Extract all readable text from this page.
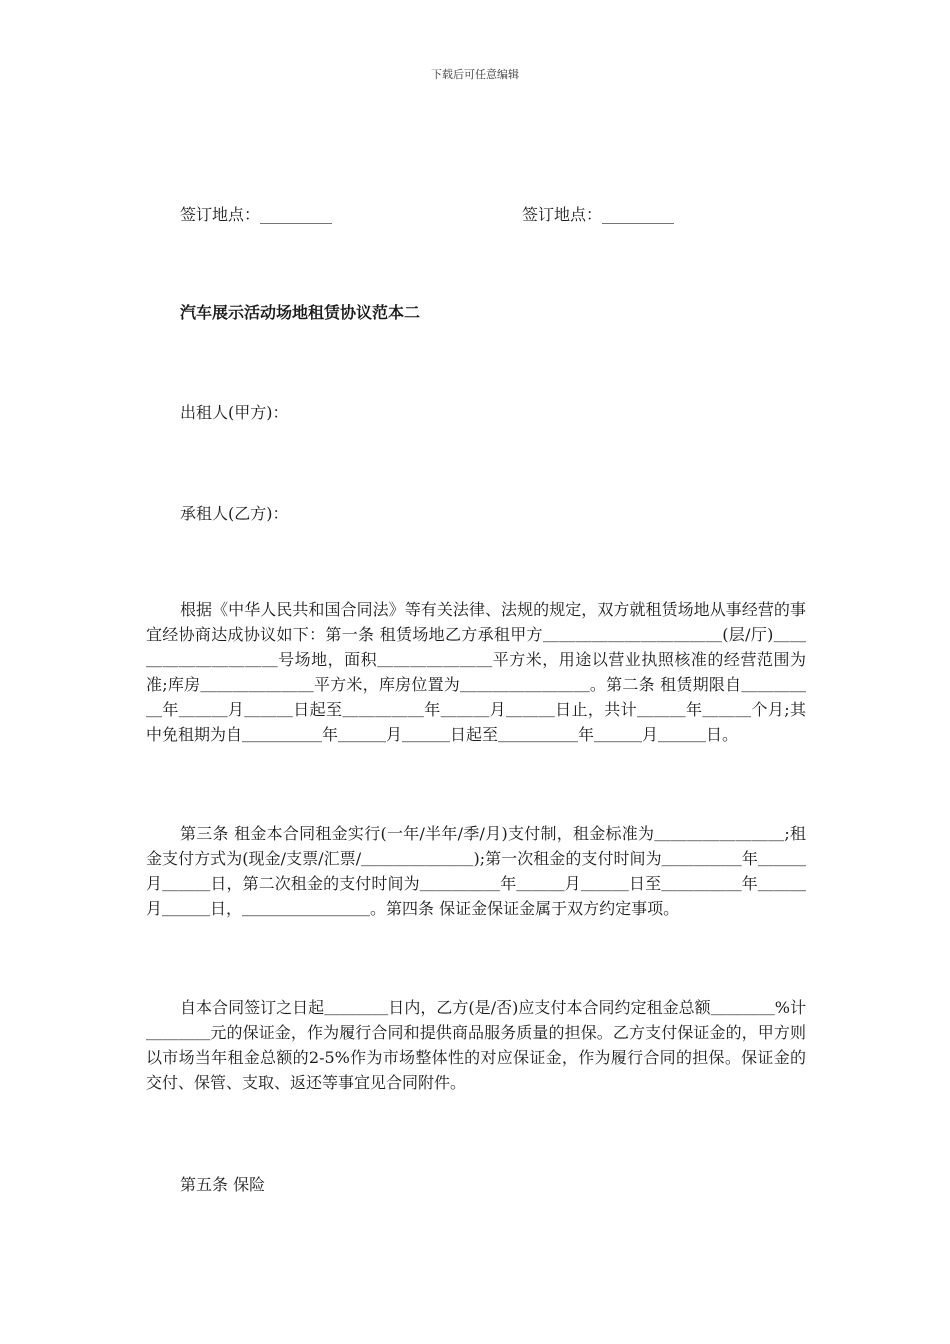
下载后可任意编辑
签订地点：_________	签订地点：_________
汽车展示活动场地租赁协议范本二
出租人(甲方)：
承租人(乙方)：

根据《中华人民共和国合同法》等有关法律、法规的规定，双方就租赁场地从事经营的事宜经协商达成协议如下：第一条 租赁场地乙方承租甲方＿＿＿＿＿＿＿＿＿＿＿(层/厅)＿＿＿＿＿＿＿＿＿＿号场地，面积＿＿＿＿＿＿＿平方米，用途以营业执照核准的经营范围为准;库房＿＿＿＿＿＿＿平方米，库房位置为＿＿＿＿＿＿＿＿。第二条 租赁期限自＿＿＿＿＿年＿＿＿月＿＿＿日起至＿＿＿＿＿年＿＿＿月＿＿＿日止，共计＿＿＿年＿＿＿个月;其中免租期为自＿＿＿＿＿年＿＿＿月＿＿＿日起至＿＿＿＿＿年＿＿＿月＿＿＿日。

第三条 租金本合同租金实行(一年/半年/季/月)支付制，租金标准为＿＿＿＿＿＿＿＿;租金支付方式为(现金/支票/汇票/＿＿＿＿＿＿＿);第一次租金的支付时间为＿＿＿＿＿年＿＿＿月＿＿＿日，第二次租金的支付时间为＿＿＿＿＿年＿＿＿月＿＿＿日至＿＿＿＿＿年＿＿＿月＿＿＿日，＿＿＿＿＿＿＿＿。第四条 保证金保证金属于双方约定事项。

自本合同签订之日起＿＿＿＿日内，乙方(是/否)应支付本合同约定租金总额＿＿＿＿%计＿＿＿＿元的保证金，作为履行合同和提供商品服务质量的担保。乙方支付保证金的，甲方则以市场当年租金总额的2-5%作为市场整体性的对应保证金，作为履行合同的担保。保证金的交付、保管、支取、返还等事宜见合同附件。

第五条 保险
